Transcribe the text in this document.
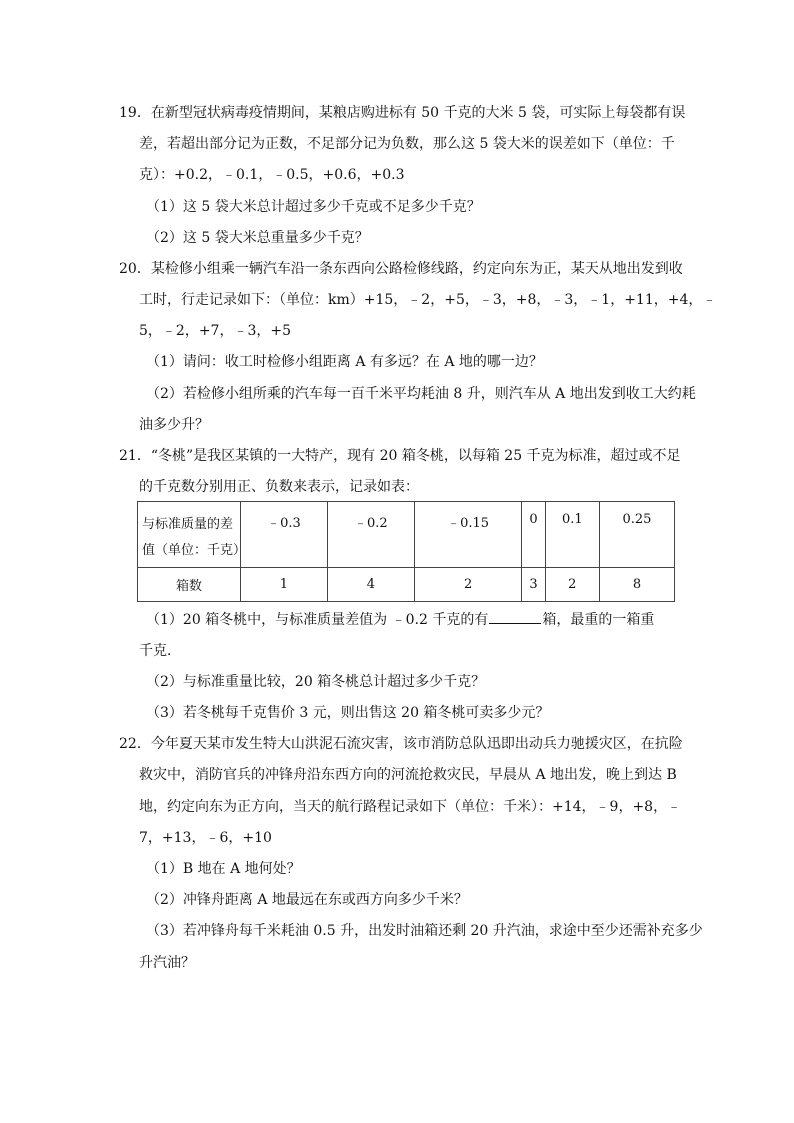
19．在新型冠状病毒疫情期间，某粮店购进标有 50 千克的大米 5 袋，可实际上每袋都有误
差，若超出部分记为正数，不足部分记为负数，那么这 5 袋大米的误差如下（单位：千
克）：+0.2，﹣0.1，﹣0.5，+0.6，+0.3
（1）这 5 袋大米总计超过多少千克或不足多少千克？
（2）这 5 袋大米总重量多少千克？
20．某检修小组乘一辆汽车沿一条东西向公路检修线路，约定向东为正，某天从地出发到收
工时，行走记录如下：（单位：km）+15，﹣2，+5，﹣3，+8，﹣3，﹣1，+11，+4，﹣
5，﹣2，+7，﹣3，+5
（1）请问：收工时检修小组距离 A 有多远？在 A 地的哪一边？
（2）若检修小组所乘的汽车每一百千米平均耗油 8 升，则汽车从 A 地出发到收工大约耗
油多少升？
21．“冬桃”是我区某镇的一大特产，现有 20 箱冬桃，以每箱 25 千克为标准，超过或不足
的千克数分别用正、负数来表示，记录如表：
与标准质量的差值（单位：千克）	﹣0.3	﹣0.2	﹣0.15	0	0.1	0.25
箱数	1	4	2	3	2	8
（1）20 箱冬桃中，与标准质量差值为 ﹣0.2 千克的有	箱，最重的一箱重
千克．
（2）与标准重量比较，20 箱冬桃总计超过多少千克？
（3）若冬桃每千克售价 3 元，则出售这 20 箱冬桃可卖多少元？
22．今年夏天某市发生特大山洪泥石流灾害，该市消防总队迅即出动兵力驰援灾区，在抗险
救灾中，消防官兵的冲锋舟沿东西方向的河流抢救灾民，早晨从 A 地出发，晚上到达 B
地，约定向东为正方向，当天的航行路程记录如下（单位：千米）：+14，﹣9，+8，﹣
7，+13，﹣6，+10
（1）B 地在 A 地何处？
（2）冲锋舟距离 A 地最远在东或西方向多少千米？
（3）若冲锋舟每千米耗油 0.5 升，出发时油箱还剩 20 升汽油，求途中至少还需补充多少
升汽油？
